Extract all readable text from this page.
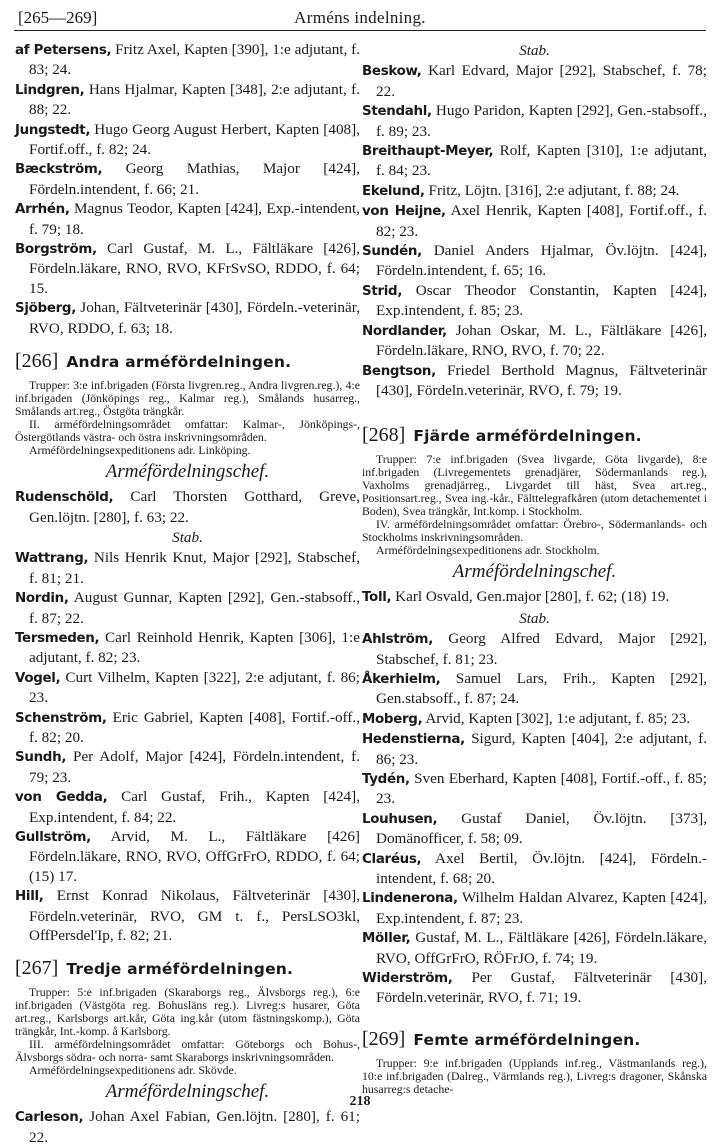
[265—269]	Arméns indelning.

af Petersens, Fritz Axel, Kapten [390], 1:e adjutant, f. 83; 24.

Lindgren, Hans Hjalmar, Kapten [348], 2:e adjutant, f. 88; 22.

Jungstedt, Hugo Georg August Herbert, Kapten [408], Fortif.off., f. 82; 24.

Bæckström, Georg Mathias, Major [424], Fördeln.intendent, f. 66; 21.

Arrhén, Magnus Teodor, Kapten [424], Exp.-intendent, f. 79; 18.

Borgström, Carl Gustaf, M. L., Fältläkare [426], Fördeln.läkare, RNO, RVO, KFrSvSO, RDDO, f. 64; 15.

Sjöberg, Johan, Fältveterinär [430], Fördeln.-veterinär, RVO, RDDO, f. 63; 18.

[266] Andra arméfördelningen.

Trupper: 3:e inf.brigaden (Första livgren.reg., Andra livgren.reg.), 4:e inf.brigaden (Jönköpings reg., Kalmar reg.), Smålands husarreg., Smålands art.reg., Östgöta trängkår.

II. arméfördelningsområdet omfattar: Kalmar-, Jönköpings-, Östergötlands västra- och östra inskrivningsområden.

Arméfördelningsexpeditionens adr. Linköping.

Arméfördelningschef.

Rudenschöld, Carl Thorsten Gotthard, Greve, Gen.löjtn. [280], f. 63; 22.

Stab.

Wattrang, Nils Henrik Knut, Major [292], Stabschef, f. 81; 21.

Nordin, August Gunnar, Kapten [292], Gen.-stabsoff., f. 87; 22.

Tersmeden, Carl Reinhold Henrik, Kapten [306], 1:e adjutant, f. 82; 23.

Vogel, Curt Vilhelm, Kapten [322], 2:e adjutant, f. 86; 23.

Schenström, Eric Gabriel, Kapten [408], Fortif.-off., f. 82; 20.

Sundh, Per Adolf, Major [424], Fördeln.intendent, f. 79; 23.

von Gedda, Carl Gustaf, Frih., Kapten [424], Exp.intendent, f. 84; 22.

Gullström, Arvid, M. L., Fältläkare [426] Fördeln.läkare, RNO, RVO, OffGrFrO, RDDO, f. 64; (15) 17.

Hill, Ernst Konrad Nikolaus, Fältveterinär [430], Fördeln.veterinär, RVO, GM t. f., PersLSO3kl, OffPersdel'Ip, f. 82; 21.

[267] Tredje arméfördelningen.

Trupper: 5:e inf.brigaden (Skaraborgs reg., Älvsborgs reg.), 6:e inf.brigaden (Västgöta reg. Bohusläns reg.). Livreg:s husarer, Göta art.reg., Karlsborgs art.kår, Göta ing.kår (utom fästningskomp.), Göta trängkår, Int.-komp. å Karlsborg.

III. arméfördelningsområdet omfattar: Göteborgs och Bohus-, Älvsborgs södra- och norra- samt Skaraborgs inskrivningsområden.

Arméfördelningsexpeditionens adr. Skövde.

Arméfördelningschef.

Carleson, Johan Axel Fabian, Gen.löjtn. [280], f. 61; 22.

Stab.

Beskow, Karl Edvard, Major [292], Stabschef, f. 78; 22.

Stendahl, Hugo Paridon, Kapten [292], Gen.-stabsoff., f. 89; 23.

Breithaupt-Meyer, Rolf, Kapten [310], 1:e adjutant, f. 84; 23.

Ekelund, Fritz, Löjtn. [316], 2:e adjutant, f. 88; 24.

von Heijne, Axel Henrik, Kapten [408], Fortif.off., f. 82; 23.

Sundén, Daniel Anders Hjalmar, Öv.löjtn. [424], Fördeln.intendent, f. 65; 16.

Strid, Oscar Theodor Constantin, Kapten [424], Exp.intendent, f. 85; 23.

Nordlander, Johan Oskar, M. L., Fältläkare [426], Fördeln.läkare, RNO, RVO, f. 70; 22.

Bengtson, Friedel Berthold Magnus, Fältveterinär [430], Fördeln.veterinär, RVO, f. 79; 19.

[268] Fjärde arméfördelningen.

Trupper: 7:e inf.brigaden (Svea livgarde, Göta livgarde), 8:e inf.brigaden (Livregementets grenadjärer, Södermanlands reg.), Vaxholms grenadjärreg., Livgardet till häst, Svea art.reg., Positionsart.reg., Svea ing.-kår., Fälttelegrafkåren (utom detachementet i Boden), Svea trängkår, Int.komp. i Stockholm.

IV. arméfördelningsområdet omfattar: Örebro-, Södermanlands- och Stockholms inskrivningsområden.

Arméfördelningsexpeditionens adr. Stockholm.

Arméfördelningschef.

Toll, Karl Osvald, Gen.major [280], f. 62; (18) 19.

Stab.

Ahlström, Georg Alfred Edvard, Major [292], Stabschef, f. 81; 23.

Åkerhielm, Samuel Lars, Frih., Kapten [292], Gen.stabsoff., f. 87; 24.

Moberg, Arvid, Kapten [302], 1:e adjutant, f. 85; 23.

Hedenstierna, Sigurd, Kapten [404], 2:e adjutant, f. 86; 23.

Tydén, Sven Eberhard, Kapten [408], Fortif.-off., f. 85; 23.

Louhusen, Gustaf Daniel, Öv.löjtn. [373], Domänofficer, f. 58; 09.

Claréus, Axel Bertil, Öv.löjtn. [424], Fördeln.-intendent, f. 68; 20.

Lindenerona, Wilhelm Haldan Alvarez, Kapten [424], Exp.intendent, f. 87; 23.

Möller, Gustaf, M. L., Fältläkare [426], Fördeln.läkare, RVO, OffGrFrO, RÖFrJO, f. 74; 19.

Widerström, Per Gustaf, Fältveterinär [430], Fördeln.veterinär, RVO, f. 71; 19.

[269] Femte arméfördelningen.

Trupper: 9:e inf.brigaden (Upplands inf.reg., Västmanlands reg.), 10:e inf.brigaden (Dalreg., Värmlands reg.), Livreg:s dragoner, Skånska husarreg:s detache-

218
